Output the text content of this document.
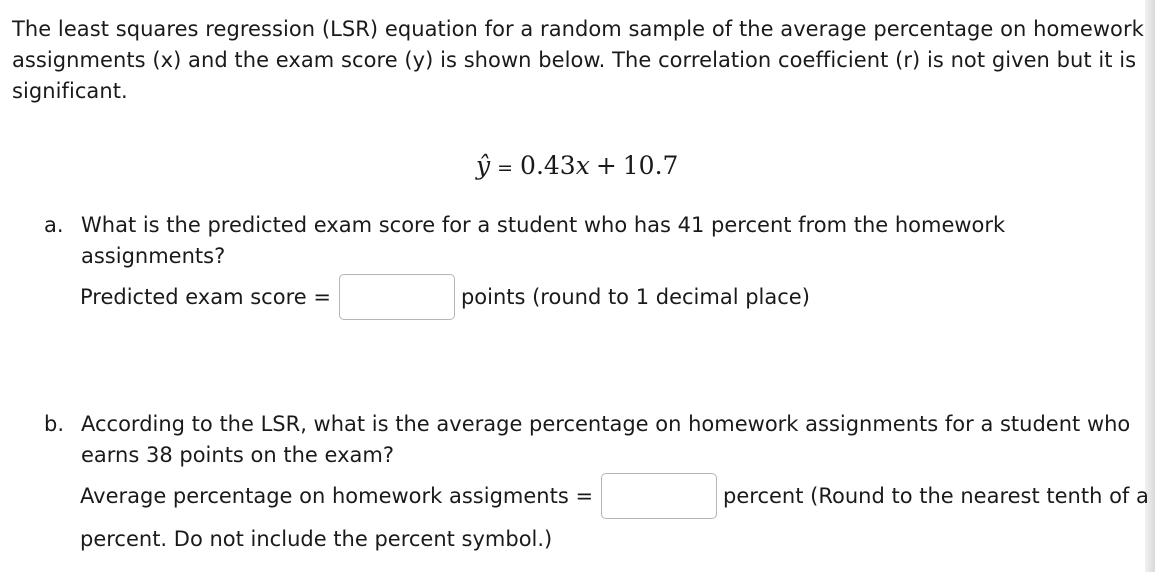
The least squares regression (LSR) equation for a random sample of the average percentage on homework assignments (x) and the exam score (y) is shown below. The correlation coefficient (r) is not given but it is significant.

ŷ = 0.43x + 10.7
a. What is the predicted exam score for a student who has 41 percent from the homework assignments?

Predicted exam score =	points (round to 1 decimal place)
b. According to the LSR, what is the average percentage on homework assignments for a student who earns 38 points on the exam?

Average percentage on homework assigments =	percent (Round to the nearest tenth of a
percent. Do not include the percent symbol.)
